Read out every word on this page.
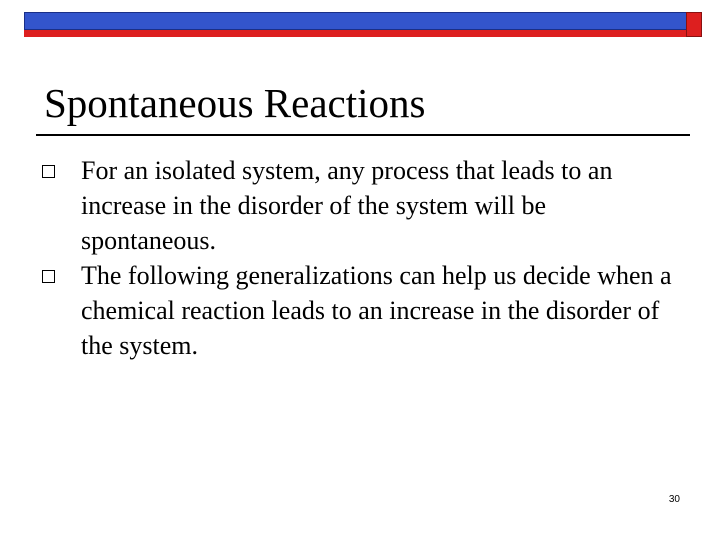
Spontaneous Reactions
For an isolated system, any process that leads to an increase in the disorder of the system will be spontaneous.
The following generalizations can help us decide when a chemical reaction leads to an increase in the disorder of the system.
30
